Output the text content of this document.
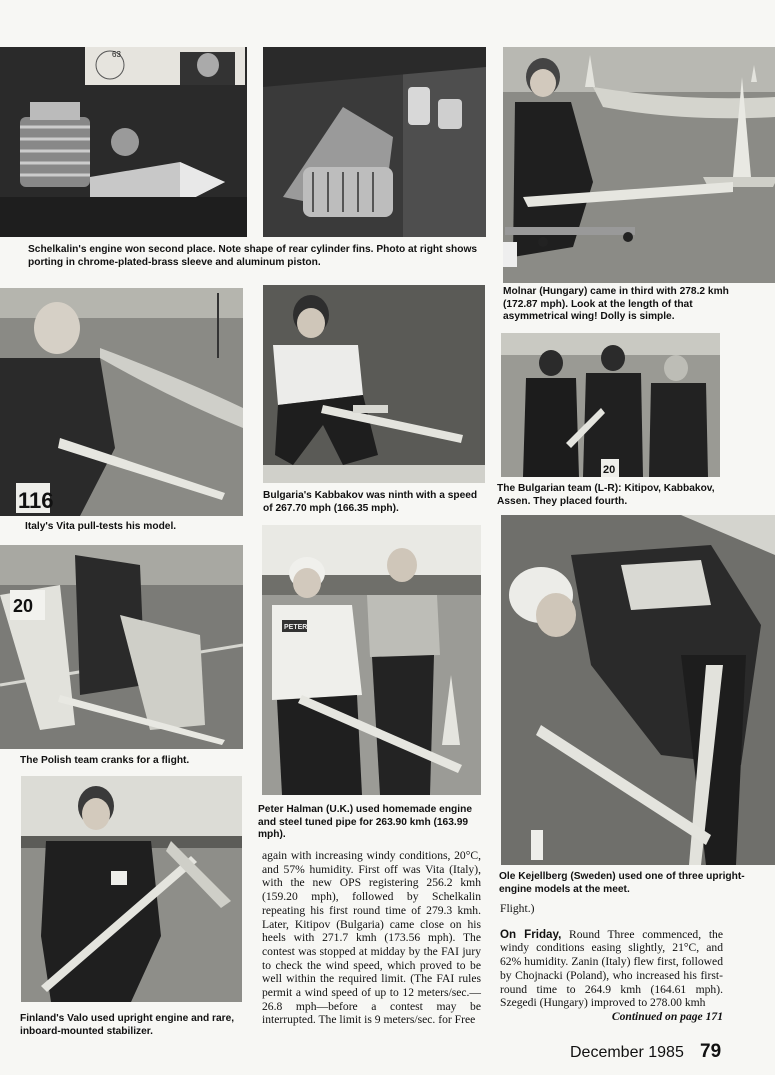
63
Schelkalin's engine won second place. Note shape of rear cylinder fins. Photo at right shows porting in chrome-plated-brass sleeve and aluminum piston.
Molnar (Hungary) came in third with 278.2 kmh (172.87 mph). Look at the length of that asymmetrical wing! Dolly is simple.
116
20
Bulgaria's Kabbakov was ninth with a speed of 267.70 mph (166.35 mph).
The Bulgarian team (L-R): Kitipov, Kabbakov, Assen. They placed fourth.
Italy's Vita pull-tests his model.
20
PETER
The Polish team cranks for a flight.
Peter Halman (U.K.) used homemade engine and steel tuned pipe for 263.90 kmh (163.99 mph).
Ole Kejellberg (Sweden) used one of three upright-engine models at the meet.
Finland's Valo used upright engine and rare, inboard-mounted stabilizer.

again with increasing windy conditions, 20°C, and 57% humidity. First off was Vita (Italy), with the new OPS registering 256.2 kmh (159.20 mph), followed by Schelkalin repeating his first round time of 279.3 kmh. Later, Kitipov (Bulgaria) came close on his heels with 271.7 kmh (173.56 mph). The contest was stopped at midday by the FAI jury to check the wind speed, which proved to be well within the required limit. (The FAI rules permit a wind speed of up to 12 meters/sec.—26.8 mph—before a contest may be interrupted. The limit is 9 meters/sec. for Free

Flight.)

On Friday, Round Three commenced, the windy conditions easing slightly, 21°C, and 62% humidity. Zanin (Italy) flew first, followed by Chojnacki (Poland), who increased his first-round time to 264.9 kmh (164.61 mph). Szegedi (Hungary) improved to 278.00 kmh

Continued on page 171

December 1985 79
